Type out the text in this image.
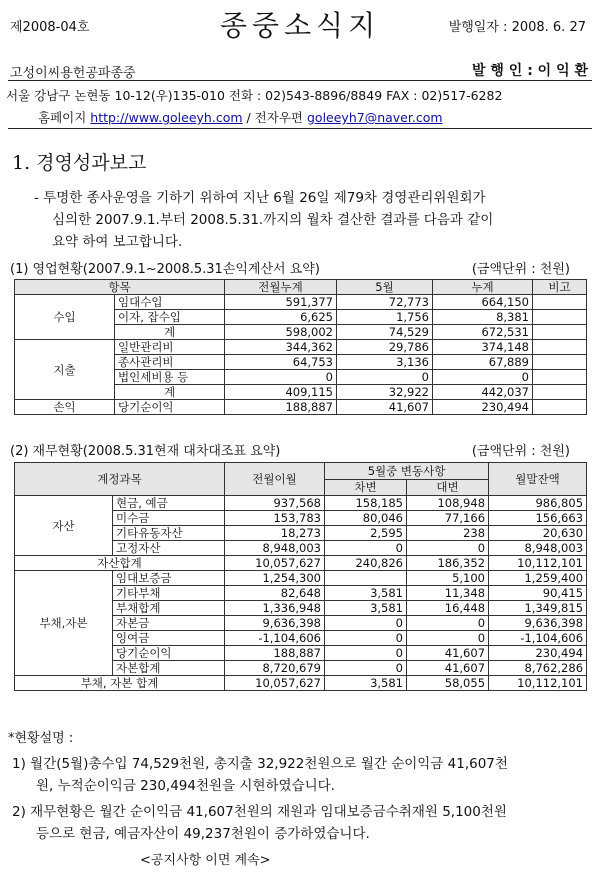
제2008-04호	종중소식지	발행일자 : 2008. 6. 27
고성이씨용헌공파종중	발 행 인 : 이 익 환
서울 강남구 논현동 10-12(우)135-010 전화 : 02)543-8896/8849 FAX : 02)517-6282
홈페이지 http://www.goleeyh.com / 전자우편 goleeyh7@naver.com
1. 경영성과보고
- 투명한 종사운영을 기하기 위하여 지난 6월 26일 제79차 경영관리위원회가
심의한 2007.9.1.부터 2008.5.31.까지의 월차 결산한 결과를 다음과 같이
요약 하여 보고합니다.
(1) 영업현황(2007.9.1~2008.5.31손익계산서 요약)	(금액단위 : 천원)
항목		전월누계	5월	누계	비고
수입	임대수입	591,377	72,773	664,150	
	이자, 잡수입	6,625	1,756	8,381	
	계	598,002	74,529	672,531	
지출	일반관리비	344,362	29,786	374,148	
	종사관리비	64,753	3,136	67,889	
	법인세비용 등	0	0	0	
	계	409,115	32,922	442,037	
손익	당기순이익	188,887	41,607	230,494	
(2) 재무현황(2008.5.31현재 대차대조표 요약)	(금액단위 : 천원)
계정과목		전월이월	5월중 변동사항		월말잔액
			차변	대변	
자산	현금, 예금	937,568	158,185	108,948	986,805
	미수금	153,783	80,046	77,166	156,663
	기타유동자산	18,273	2,595	238	20,630
	고정자산	8,948,003	0	0	8,948,003
자산합계		10,057,627	240,826	186,352	10,112,101
부채,자본	임대보증금	1,254,300		5,100	1,259,400
	기타부채	82,648	3,581	11,348	90,415
	부채합계	1,336,948	3,581	16,448	1,349,815
	자본금	9,636,398	0	0	9,636,398
	잉여금	-1,104,606	0	0	-1,104,606
	당기순이익	188,887	0	41,607	230,494
	자본합계	8,720,679	0	41,607	8,762,286
부채, 자본 합계		10,057,627	3,581	58,055	10,112,101
*현황설명 :
1) 월간(5월)총수입 74,529천원, 총지출 32,922천원으로 월간 순이익금 41,607천
원, 누적순이익금 230,494천원을 시현하였습니다.
2) 재무현황은 월간 순이익금 41,607천원의 재원과 임대보증금수취재원 5,100천원
등으로 현금, 예금자산이 49,237천원이 증가하였습니다.
<공지사항 이면 계속>
